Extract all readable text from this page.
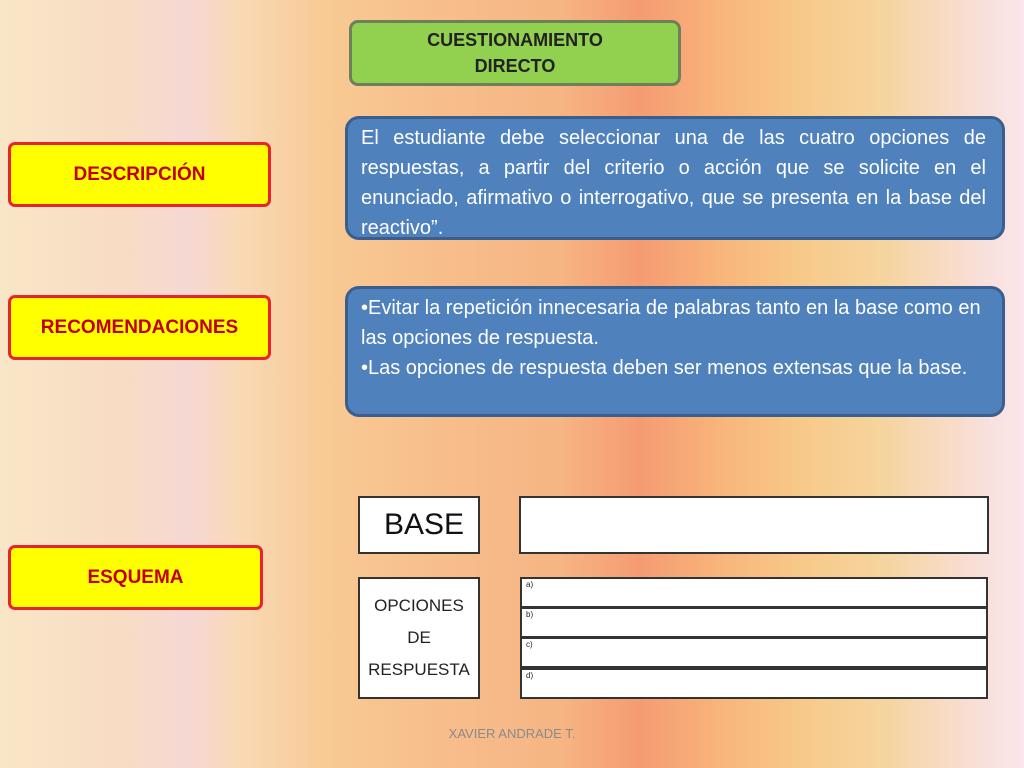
CUESTIONAMIENTO
DIRECTO
DESCRIPCIÓN
RECOMENDACIONES
ESQUEMA
El estudiante debe seleccionar una de las cuatro opciones de respuestas, a partir del criterio o acción que se solicite en el enunciado, afirmativo o interrogativo, que se presenta en la base del reactivo”.

•Evitar la repetición innecesaria de palabras tanto en la base como en las opciones de respuesta.

•Las opciones de respuesta deben ser menos extensas que la base.

BASE
OPCIONES
DE
RESPUESTA
a)
b)
c)
d)
XAVIER ANDRADE T.
